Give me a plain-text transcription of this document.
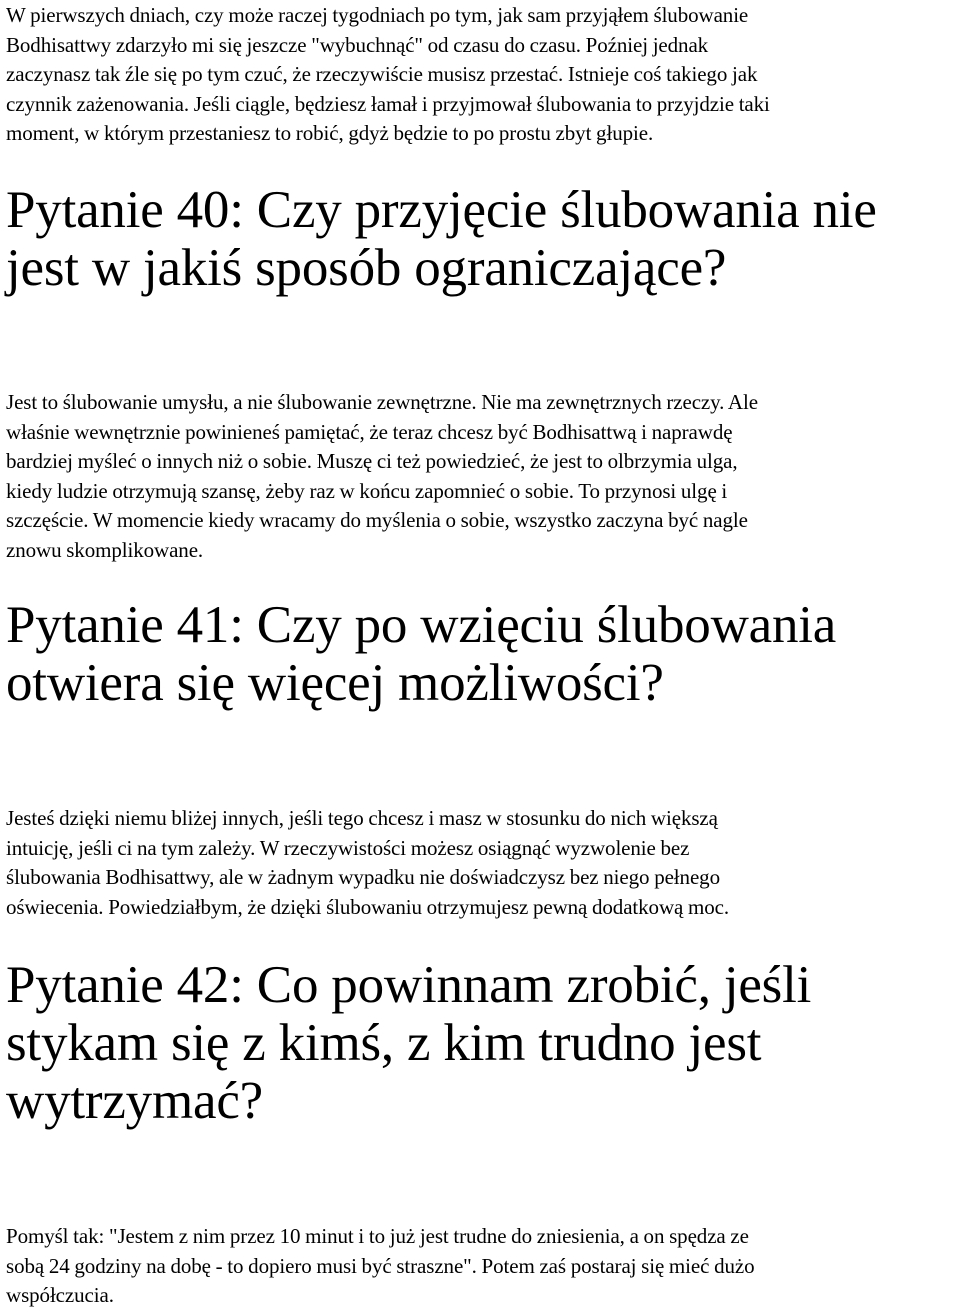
W pierwszych dniach, czy może raczej tygodniach po tym, jak sam przyjąłem ślubowanie
Bodhisattwy zdarzyło mi się jeszcze "wybuchnąć" od czasu do czasu. Poźniej jednak
zaczynasz tak źle się po tym czuć, że rzeczywiście musisz przestać. Istnieje coś takiego jak
czynnik zażenowania. Jeśli ciągle, będziesz łamał i przyjmował ślubowania to przyjdzie taki
moment, w którym przestaniesz to robić, gdyż będzie to po prostu zbyt głupie.

Pytanie 40: Czy przyjęcie ślubowania nie
jest w jakiś sposób ograniczające?

Jest to ślubowanie umysłu, a nie ślubowanie zewnętrzne. Nie ma zewnętrznych rzeczy. Ale
właśnie wewnętrznie powinieneś pamiętać, że teraz chcesz być Bodhisattwą i naprawdę
bardziej myśleć o innych niż o sobie. Muszę ci też powiedzieć, że jest to olbrzymia ulga,
kiedy ludzie otrzymują szansę, żeby raz w końcu zapomnieć o sobie. To przynosi ulgę i
szczęście. W momencie kiedy wracamy do myślenia o sobie, wszystko zaczyna być nagle
znowu skomplikowane.

Pytanie 41: Czy po wzięciu ślubowania
otwiera się więcej możliwości?

Jesteś dzięki niemu bliżej innych, jeśli tego chcesz i masz w stosunku do nich większą
intuicję, jeśli ci na tym zależy. W rzeczywistości możesz osiągnąć wyzwolenie bez
ślubowania Bodhisattwy, ale w żadnym wypadku nie doświadczysz bez niego pełnego
oświecenia. Powiedziałbym, że dzięki ślubowaniu otrzymujesz pewną dodatkową moc.

Pytanie 42: Co powinnam zrobić, jeśli
stykam się z kimś, z kim trudno jest
wytrzymać?

Pomyśl tak: "Jestem z nim przez 10 minut i to już jest trudne do zniesienia, a on spędza ze
sobą 24 godziny na dobę - to dopiero musi być straszne". Potem zaś postaraj się mieć dużo
współczucia.
